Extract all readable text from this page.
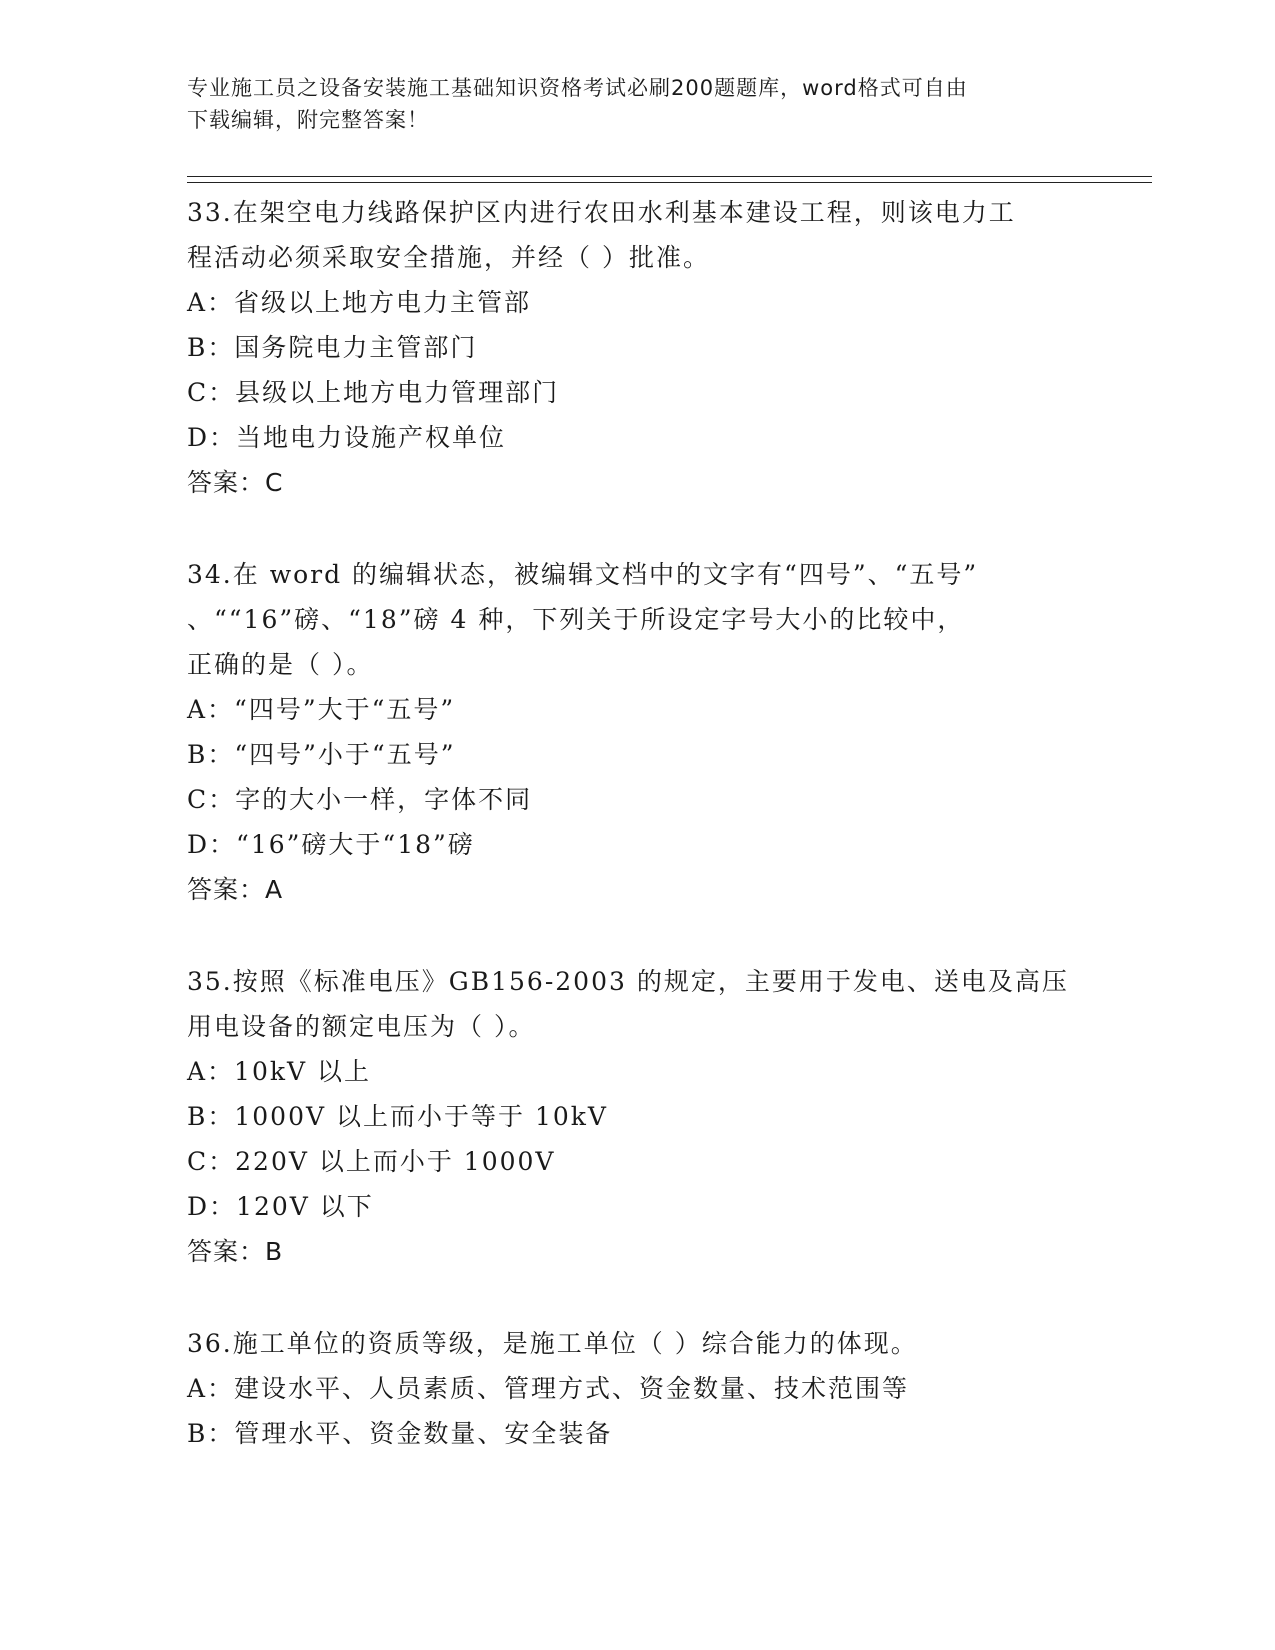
专业施工员之设备安装施工基础知识资格考试必刷200题题库，word格式可自由
下载编辑，附完整答案！
33.在架空电力线路保护区内进行农田水利基本建设工程，则该电力工
程活动必须采取安全措施，并经（ ）批准。
A：省级以上地方电力主管部
B：国务院电力主管部门
C：县级以上地方电力管理部门
D：当地电力设施产权单位
答案：C
34.在 word 的编辑状态，被编辑文档中的文字有“四号”、“五号”
、““16”磅、“18”磅 4 种，下列关于所设定字号大小的比较中，
正确的是（ ）。
A：“四号”大于“五号”
B：“四号”小于“五号”
C：字的大小一样，字体不同
D：“16”磅大于“18”磅
答案：A
35.按照《标准电压》GB156-2003 的规定，主要用于发电、送电及高压
用电设备的额定电压为（ ）。
A：10kV 以上
B：1000V 以上而小于等于 10kV
C：220V 以上而小于 1000V
D：120V 以下
答案：B
36.施工单位的资质等级，是施工单位（ ）综合能力的体现。
A：建设水平、人员素质、管理方式、资金数量、技术范围等
B：管理水平、资金数量、安全装备
